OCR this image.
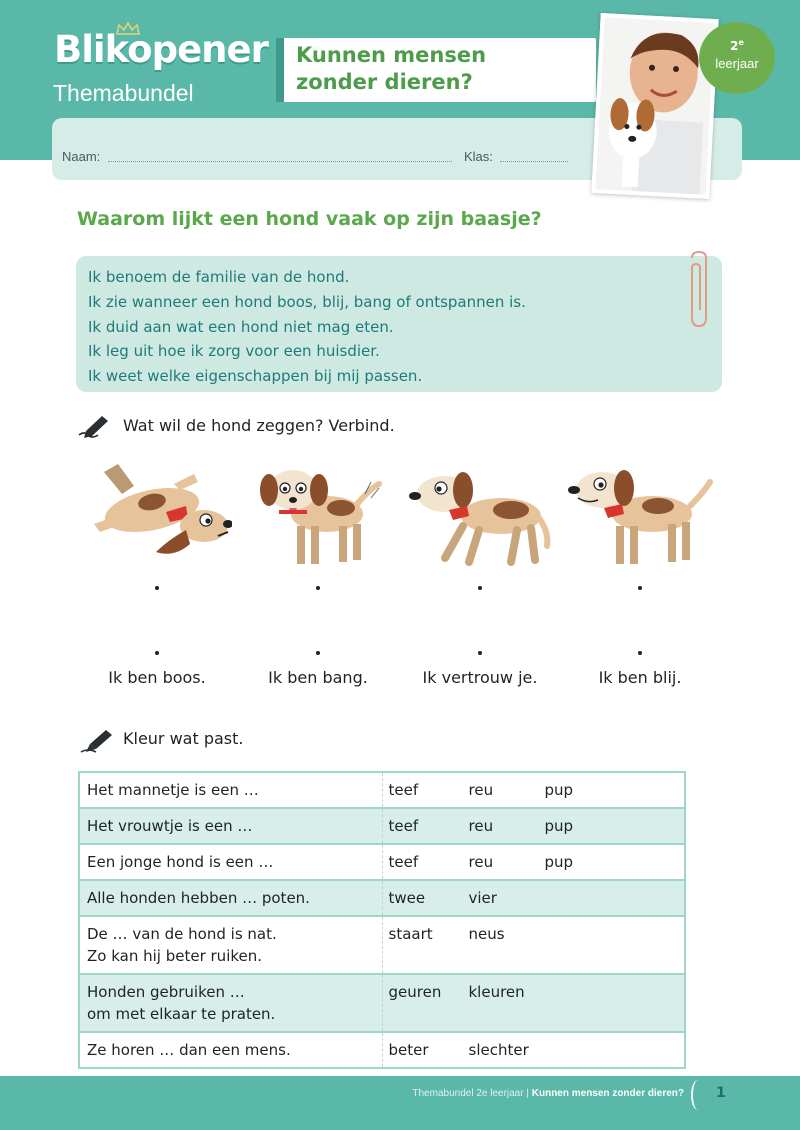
Blikopener
Themabundel
Kunnen mensen
zonder dieren?
Naam:	Klas:
2e
leerjaar
Waarom lijkt een hond vaak op zijn baasje?
Ik benoem de familie van de hond.
Ik zie wanneer een hond boos, blij, bang of ontspannen is.
Ik duid aan wat een hond niet mag eten.
Ik leg uit hoe ik zorg voor een huisdier.
Ik weet welke eigenschappen bij mij passen.
Wat wil de hond zeggen? Verbind.
Ik ben boos.	Ik ben bang.	Ik vertrouw je.	Ik ben blij.
Kleur wat past.
Het mannetje is een …	teef reu pup
Het vrouwtje is een …	teef reu pup
Een jonge hond is een …	teef reu pup
Alle honden hebben … poten.	twee vier

De … van de hond is nat.
Zo kan hij beter ruiken.	staart neus

Honden gebruiken …
om met elkaar te praten.	geuren kleuren
Ze horen … dan een mens.	beter slechter
Themabundel 2e leerjaar | Kunnen mensen zonder dieren? 1
